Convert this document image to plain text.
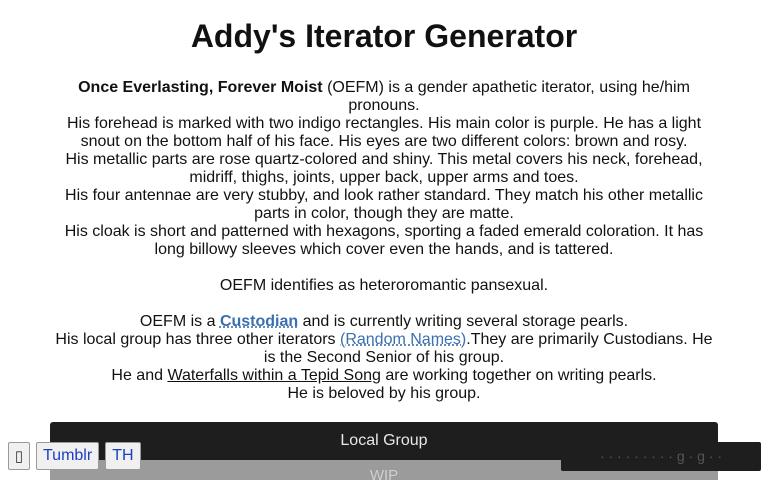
Addy's Iterator Generator

Once Everlasting, Forever Moist (OEFM) is a gender apathetic iterator, using he/him pronouns.

His forehead is marked with two indigo rectangles. His main color is purple. He has a light snout on the bottom half of his face. His eyes are two different colors: brown and rosy.

His metallic parts are rose quartz-colored and shiny. This metal covers his neck, forehead, midriff, thighs, joints, upper back, upper arms and toes.

His four antennae are very stubby, and look rather standard. They match his other metallic parts in color, though they are matte.

His cloak is short and patterned with hexagons, sporting a faded emerald coloration. It has long billowy sleeves which cover even the hands, and is tattered.

OEFM identifies as heteroromantic pansexual.

OEFM is a Custodian and is currently writing several storage pearls.

His local group has three other iterators (Random Names).They are primarily Custodians. He is the Second Senior of his group.

He and Waterfalls within a Tepid Song are working together on writing pearls.

He is beloved by his group.

Local Group
WIP
· · · · · · · · · g · g · ·
▯	Tumblr	TH
